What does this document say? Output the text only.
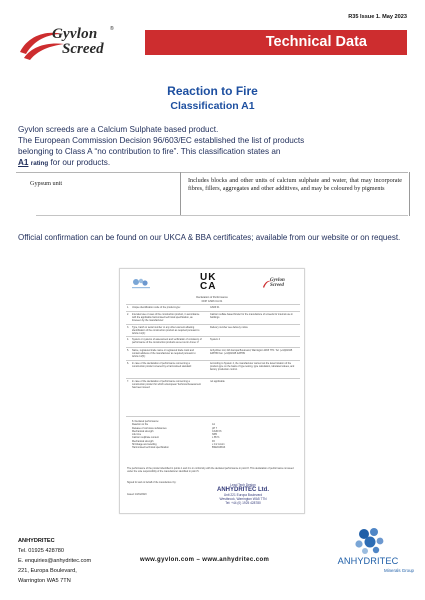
R35 Issue 1. May 2023
Gyvlon	®
Screed	Technical Data
Reaction to Fire
Classification A1
Gyvlon screeds are a Calcium Sulphate based product.
The European Commission Decision 96/603/EC established the list of products
belonging to Class A “no contribution to fire”. This classification states an
A1 rating for our products.
Gypsum unit	Includes blocks and other units of calcium sulphate and water, that may incorporate fibres, fillers, aggregates and other additives, and may be coloured by pigments
Official confirmation can be found on our UKCA & BBA certificates; available from our website or on request.
UK
CA
Gyvlon
Screed
Declaration of Performance
DOP GS06 CA 01
1. Unique identification code of the product-type:	GS06 01
2. Intended use or uses of the construction product, in accordance with the applicable harmonised technical specification, as foreseen by the manufacturer:
Calcium sulfate based binder for the manufacture of screeds for internal use in buildings
3. Type, batch or serial number or any other element allowing identification of the construction product as required pursuant to Article 11(4):
Delivery number see delivery notice
4. System or systems of assessment and verification of constancy of performance of the construction products as set out in Annex V:
System 4
5. Name, registered trade name or registered trade mark and contact address of the manufacturer as required pursuant to Article 11(5):
Anhydritec Ltd, 221 Europa Boulevard, Warrington WA5 7TN. Tel: (+44)01925 428780 Fax: (+44)01925 428789
6. In case of the declaration of performance concerning a construction product covered by a harmonised standard:
According to System 4, the manufacturer carried out the determination of the product-type on the basis of type testing, type calculation, tabulated values, and factory production control.
7. In case of the declaration of performance concerning a construction product for which a European Technical Assessment has been issued:
not applicable
8. Declared performance:
Reaction to fire	A1
Release of corrosive substances	pH 7
Mechanical strength	CA30 F6
Life time	NPD
Calcium sulphate content	≥ 85 %
Mechanical strength	F6
Shrinkage and swelling	≤ 0.2 mm/m
Harmonised technical specification	BSEN13813
The performance of the product identified in points 1 and 2 is in conformity with the declared performance in point 8. This declaration of performance is issued under the sole responsibility of the manufacturer identified in point 5.
Signed for and on behalf of the manufacturer by:
Issued: 10/01/2023
Lead Tech Design
ANHYDRITEC Ltd.
Unit 221 Europa Boulevard
Westbrook, Warrington WA5 7TN
Tel: +44 (0) 1925 428780
ANHYDRITEC
Tel. 01925 428780
E. enquiries@anhydritec.com
221, Europa Boulevard,
Warrington WA5 7TN
www.gyvlon.com – www.anhydritec.com	ANHYDRITEC
Minerals Group
